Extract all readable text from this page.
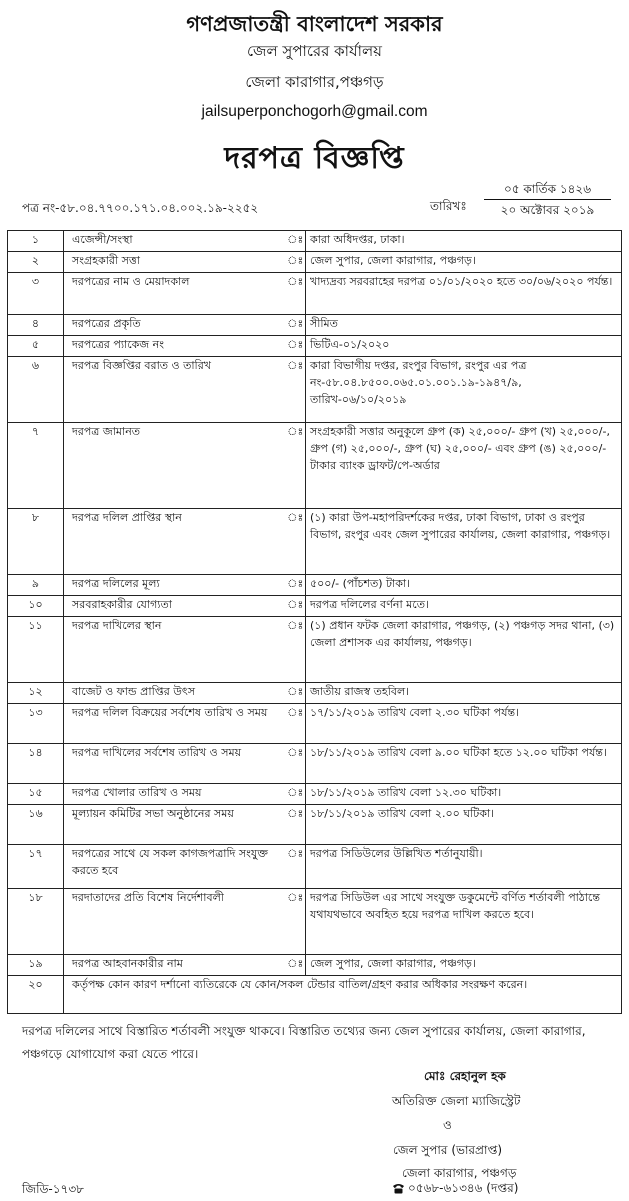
গণপ্রজাতন্ত্রী বাংলাদেশ সরকার
জেল সুপারের কার্যালয়
জেলা কারাগার,পঞ্চগড়
jailsuperponchogorh@gmail.com
দরপত্র বিজ্ঞপ্তি
পত্র নং-৫৮.০৪.৭৭০০.১৭১.০৪.০০২.১৯-২২৫২	তারিখঃ
০৫ কার্তিক ১৪২৬
২০ অক্টোবর ২০১৯
১	এজেন্সী/সংস্থা	ঃ	কারা অধিদপ্তর, ঢাকা।
২	সংগ্রহকারী সত্তা	ঃ	জেল সুপার, জেলা কারাগার, পঞ্চগড়।
৩	দরপত্রের নাম ও মেয়াদকাল	ঃ	খাদ্যদ্রব্য সরবরাহের দরপত্র ০১/০১/২০২০ হতে ৩০/০৬/২০২০ পর্যন্ত।
৪	দরপত্রের প্রকৃতি	ঃ	সীমিত
৫	দরপত্রের প্যাকেজ নং	ঃ	ভিটিএ-০১/২০২০
৬	দরপত্র বিজ্ঞপ্তির বরাত ও তারিখ	ঃ	কারা বিভাগীয় দপ্তর, রংপুর বিভাগ, রংপুর এর পত্র নং-৫৮.০৪.৮৫০০.০৬৫.০১.০০১.১৯-১৯৪৭/৯, তারিখ-০৬/১০/২০১৯
৭	দরপত্র জামানত	ঃ	সংগ্রহকারী সত্তার অনুকূলে গ্রুপ (ক) ২৫,০০০/- গ্রুপ (খ) ২৫,০০০/-, গ্রুপ (গ) ২৫,০০০/-, গ্রুপ (ঘ) ২৫,০০০/- এবং গ্রুপ (ঙ) ২৫,০০০/- টাকার ব্যাংক ড্রাফট/পে-অর্ডার
৮	দরপত্র দলিল প্রাপ্তির স্থান	ঃ	(১) কারা উপ-মহাপরিদর্শকের দপ্তর, ঢাকা বিভাগ, ঢাকা ও রংপুর বিভাগ, রংপুর এবং জেল সুপারের কার্যালয়, জেলা কারাগার, পঞ্চগড়।
৯	দরপত্র দলিলের মূল্য	ঃ	৫০০/- (পাঁচশত) টাকা।
১০	সরবরাহকারীর যোগ্যতা	ঃ	দরপত্র দলিলের বর্ণনা মতে।
১১	দরপত্র দাখিলের স্থান	ঃ	(১) প্রধান ফটক জেলা কারাগার, পঞ্চগড়, (২) পঞ্চগড় সদর থানা, (৩) জেলা প্রশাসক এর কার্যালয়, পঞ্চগড়।
১২	বাজেট ও ফান্ড প্রাপ্তির উৎস	ঃ	জাতীয় রাজস্ব তহবিল।
১৩	দরপত্র দলিল বিক্রয়ের সর্বশেষ তারিখ ও সময়	ঃ	১৭/১১/২০১৯ তারিখ বেলা ২.৩০ ঘটিকা পর্যন্ত।
১৪	দরপত্র দাখিলের সর্বশেষ তারিখ ও সময়	ঃ	১৮/১১/২০১৯ তারিখ বেলা ৯.০০ ঘটিকা হতে ১২.০০ ঘটিকা পর্যন্ত।
১৫	দরপত্র খোলার তারিখ ও সময়	ঃ	১৮/১১/২০১৯ তারিখ বেলা ১২.৩০ ঘটিকা।
১৬	মূল্যায়ন কমিটির সভা অনুষ্ঠানের সময়	ঃ	১৮/১১/২০১৯ তারিখ বেলা ২.০০ ঘটিকা।
১৭	দরপত্রের সাথে যে সকল কাগজপত্রাদি সংযুক্ত করতে হবে	ঃ	দরপত্র সিডিউলের উল্লিখিত শর্তানুযায়ী।
১৮	দরদাতাদের প্রতি বিশেষ নির্দেশাবলী	ঃ	দরপত্র সিডিউল এর সাথে সংযুক্ত ডকুমেন্টে বর্ণিত শর্তাবলী পাঠান্তে যথাযথভাবে অবহিত হয়ে দরপত্র দাখিল করতে হবে।
১৯	দরপত্র আহবানকারীর নাম	ঃ	জেল সুপার, জেলা কারাগার, পঞ্চগড়।
২০	কর্তৃপক্ষ কোন কারণ দর্শানো ব্যতিরেকে যে কোন/সকল টেন্ডার বাতিল/গ্রহণ করার অধিকার সংরক্ষণ করেন।		
দরপত্র দলিলের সাথে বিস্তারিত শর্তাবলী সংযুক্ত থাকবে। বিস্তারিত তথ্যের জন্য জেল সুপারের কার্যালয়, জেলা কারাগার, পঞ্চগড়ে যোগাযোগ করা যেতে পারে।
মোঃ রেহানুল হক
অতিরিক্ত জেলা ম্যাজিস্ট্রেট
ও
জেল সুপার (ভারপ্রাপ্ত)
জেলা কারাগার, পঞ্চগড়
জিডি-১৭৩৮	০৫৬৮-৬১৩৪৬ (দপ্তর)
